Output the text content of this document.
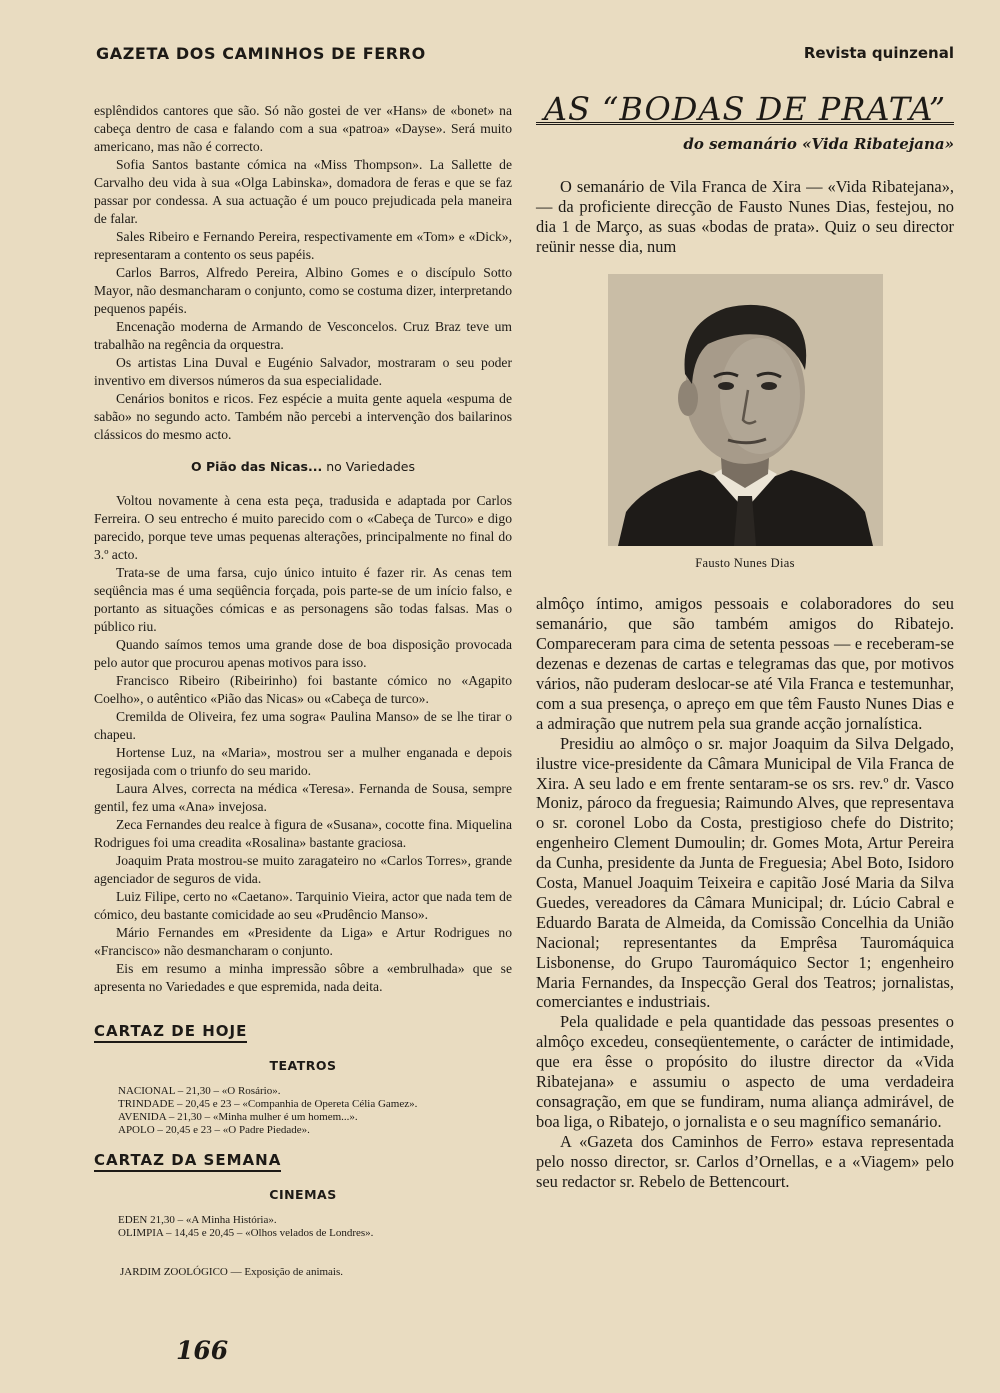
GAZETA DOS CAMINHOS DE FERRO	Revista quinzenal

esplêndidos cantores que são. Só não gostei de ver «Hans» de «bonet» na cabeça dentro de casa e falando com a sua «patroa» «Dayse». Será muito americano, mas não é correcto.

Sofia Santos bastante cómica na «Miss Thompson». La Sallette de Carvalho deu vida à sua «Olga Labinska», domadora de feras e que se faz passar por condessa. A sua actuação é um pouco prejudicada pela maneira de falar.

Sales Ribeiro e Fernando Pereira, respectivamente em «Tom» e «Dick», representaram a contento os seus papéis.

Carlos Barros, Alfredo Pereira, Albino Gomes e o discípulo Sotto Mayor, não desmancharam o conjunto, como se costuma dizer, interpretando pequenos papéis.

Encenação moderna de Armando de Vesconcelos. Cruz Braz teve um trabalhão na regência da orquestra.

Os artistas Lina Duval e Eugénio Salvador, mostraram o seu poder inventivo em diversos números da sua especialidade.

Cenários bonitos e ricos. Fez espécie a muita gente aquela «espuma de sabão» no segundo acto. Também não percebi a intervenção dos bailarinos clássicos do mesmo acto.

O Pião das Nicas... no Variedades

Voltou novamente à cena esta peça, tradusida e adaptada por Carlos Ferreira. O seu entrecho é muito parecido com o «Cabeça de Turco» e digo parecido, porque teve umas pequenas alterações, principalmente no final do 3.º acto.

Trata-se de uma farsa, cujo único intuito é fazer rir. As cenas tem seqüência mas é uma seqüência forçada, pois parte-se de um início falso, e portanto as situações cómicas e as personagens são todas falsas. Mas o público riu.

Quando saímos temos uma grande dose de boa disposição provocada pelo autor que procurou apenas motivos para isso.

Francisco Ribeiro (Ribeirinho) foi bastante cómico no «Agapito Coelho», o autêntico «Pião das Nicas» ou «Cabeça de turco».

Cremilda de Oliveira, fez uma sogra« Paulina Manso» de se lhe tirar o chapeu.

Hortense Luz, na «Maria», mostrou ser a mulher enganada e depois regosijada com o triunfo do seu marido.

Laura Alves, correcta na médica «Teresa». Fernanda de Sousa, sempre gentil, fez uma «Ana» invejosa.

Zeca Fernandes deu realce à figura de «Susana», cocotte fina. Miquelina Rodrigues foi uma creadita «Rosalina» bastante graciosa.

Joaquim Prata mostrou-se muito zaragateiro no «Carlos Torres», grande agenciador de seguros de vida.

Luiz Filipe, certo no «Caetano». Tarquinio Vieira, actor que nada tem de cómico, deu bastante comicidade ao seu «Prudêncio Manso».

Mário Fernandes em «Presidente da Liga» e Artur Rodrigues no «Francisco» não desmancharam o conjunto.

Eis em resumo a minha impressão sôbre a «embrulhada» que se apresenta no Variedades e que espremida, nada deita.

CARTAZ DE HOJE
TEATROS
NACIONAL – 21,30 – «O Rosário».
TRINDADE – 20,45 e 23 – «Companhia de Opereta Célia Gamez».
AVENIDA – 21,30 – «Minha mulher é um homem...».
APOLO – 20,45 e 23 – «O Padre Piedade».
CARTAZ DA SEMANA
CINEMAS
EDEN 21,30 – «A Minha História».
OLIMPIA – 14,45 e 20,45 – «Olhos velados de Londres».
JARDIM ZOOLÓGICO — Exposição de animais.
AS “BODAS DE PRATA”
do semanário «Vida Ribatejana»

O semanário de Vila Franca de Xira — «Vida Ribatejana», — da proficiente direcção de Fausto Nunes Dias, festejou, no dia 1 de Março, as suas «bodas de prata». Quiz o seu director reünir nesse dia, num

Fausto Nunes Dias

almôço íntimo, amigos pessoais e colaboradores do seu semanário, que são também amigos do Ribatejo. Compareceram para cima de setenta pessoas — e receberam-se dezenas e dezenas de cartas e telegramas das que, por motivos vários, não puderam deslocar-se até Vila Franca e testemunhar, com a sua presença, o apreço em que têm Fausto Nunes Dias e a admiração que nutrem pela sua grande acção jornalística.

Presidiu ao almôço o sr. major Joaquim da Silva Delgado, ilustre vice-presidente da Câmara Municipal de Vila Franca de Xira. A seu lado e em frente sentaram-se os srs. rev.º dr. Vasco Moniz, pároco da freguesia; Raimundo Alves, que representava o sr. coronel Lobo da Costa, prestigioso chefe do Distrito; engenheiro Clement Dumoulin; dr. Gomes Mota, Artur Pereira da Cunha, presidente da Junta de Freguesia; Abel Boto, Isidoro Costa, Manuel Joaquim Teixeira e capitão José Maria da Silva Guedes, vereadores da Câmara Municipal; dr. Lúcio Cabral e Eduardo Barata de Almeida, da Comissão Concelhia da União Nacional; representantes da Emprêsa Tauromáquica Lisbonense, do Grupo Tauromáquico Sector 1; engenheiro Maria Fernandes, da Inspecção Geral dos Teatros; jornalistas, comerciantes e industriais.

Pela qualidade e pela quantidade das pessoas presentes o almôço excedeu, conseqüentemente, o carácter de intimidade, que era êsse o propósito do ilustre director da «Vida Ribatejana» e assumiu o aspecto de uma verdadeira consagração, em que se fundiram, numa aliança admirável, de boa liga, o Ribatejo, o jornalista e o seu magnífico semanário.

A «Gazeta dos Caminhos de Ferro» estava representada pelo nosso director, sr. Carlos d’Ornellas, e a «Viagem» pelo seu redactor sr. Rebelo de Bettencourt.

166
